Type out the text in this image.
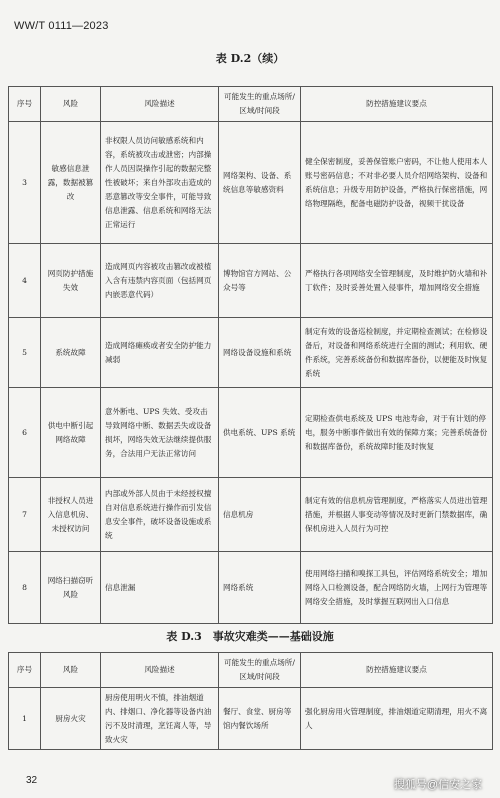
WW/T 0111—2023
表 D.2（续）
序号	风险	风险描述	可能发生的重点场所/区域/时间段	防控措施建议要点
3	敏感信息泄露，数据被篡改	非权限人员访问敏感系统和内容，系统被攻击或泄密；内部操作人员因误操作引起的数据完整性被破坏；来自外部攻击造成的恶意篡改等安全事件，可能导致信息泄露、信息系统和网络无法正常运行	网络架构、设备、系统信息等敏感资料	健全保密制度，妥善保管账户密码，不让他人使用本人账号密码信息；不对非必要人员介绍网络架构、设备和系统信息；升级专用防护设备，严格执行保密措施，网络物理隔绝，配备电磁防护设备，视频干扰设备
4	网页防护措施失效	造成网页内容被攻击篡改或被植入含有违禁内容页面（包括网页内嵌恶意代码）	博物馆官方网站、公众号等	严格执行各项网络安全管理制度，及时维护防火墙和补丁软件；及时妥善处置入侵事件，增加网络安全措施
5	系统故障	造成网络瘫痪或者安全防护能力减弱	网络设备设施和系统	制定有效的设备巡检制度，并定期检查测试；在检修设备后，对设备和网络系统进行全面的测试；利用软、硬件系统，完善系统备份和数据库备份，以便能及时恢复系统
6	供电中断引起网络故障	意外断电、UPS 失效、受攻击导致网络中断、数据丢失或设备损坏，网络失效无法继续提供服务，合法用户无法正常访问	供电系统、UPS 系统	定期检查供电系统及 UPS 电池寿命，对于有计划的停电，服务中断事件做出有效的保障方案；完善系统备份和数据库备份，系统故障时能及时恢复
7	非授权人员进入信息机房、未授权访问	内部或外部人员由于未经授权擅自对信息系统进行操作而引发信息安全事件，破坏设备设施或系统	信息机房	制定有效的信息机房管理制度，严格落实人员进出管理措施，并根据人事变动等情况及时更新门禁数据库，确保机房进入人员行为可控
8	网络扫描窃听风险	信息泄漏	网络系统	使用网络扫描和嗅探工具包，评估网络系统安全；增加网络入口检测设备，配合网络防火墙，上网行为管理等网络安全措施，及时掌握互联网出入口信息
表 D.3　事故灾难类——基础设施
序号	风险	风险描述	可能发生的重点场所/区域/时间段	防控措施建议要点
1	厨房火灾	厨房使用明火不慎，排油烟道内、排烟口、净化器等设备内油污不及时清理，烹饪离人等，导致火灾	餐厅、食堂、厨房等馆内餐饮场所	强化厨房用火管理制度，排油烟道定期清理，用火不离人
32	搜狐号@信安之家
